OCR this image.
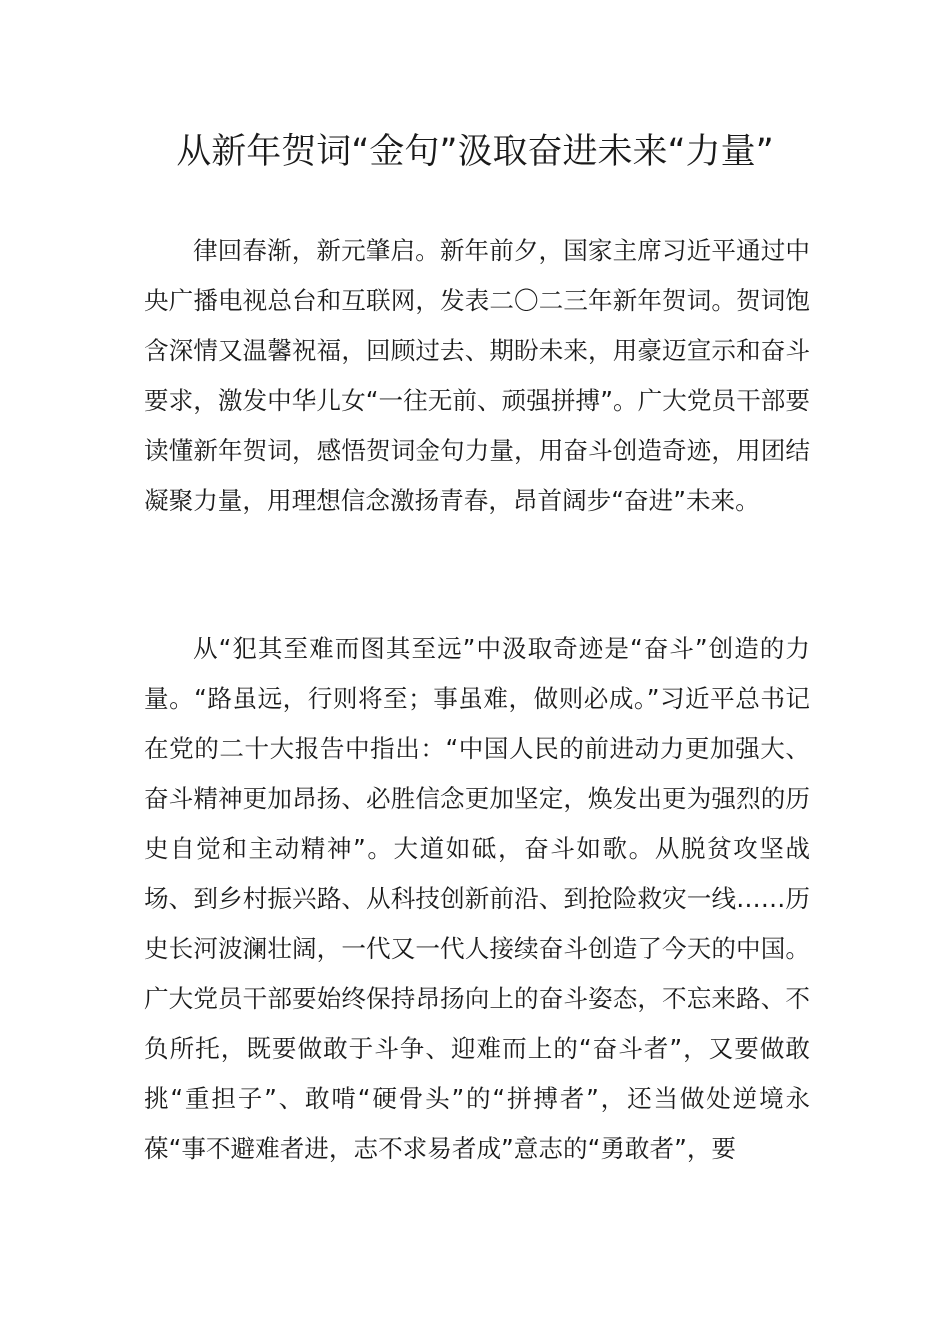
从新年贺词“金句”汲取奋进未来“力量”

律回春渐，新元肇启。新年前夕，国家主席习近平通过中央广播电视总台和互联网，发表二〇二三年新年贺词。贺词饱含深情又温馨祝福，回顾过去、期盼未来，用豪迈宣示和奋斗要求，激发中华儿女“一往无前、顽强拼搏”。广大党员干部要读懂新年贺词，感悟贺词金句力量，用奋斗创造奇迹，用团结凝聚力量，用理想信念激扬青春，昂首阔步“奋进”未来。

从“犯其至难而图其至远”中汲取奇迹是“奋斗”创造的力量。“路虽远，行则将至；事虽难，做则必成。”习近平总书记在党的二十大报告中指出：“中国人民的前进动力更加强大、奋斗精神更加昂扬、必胜信念更加坚定，焕发出更为强烈的历史自觉和主动精神”。大道如砥，奋斗如歌。从脱贫攻坚战场、到乡村振兴路、从科技创新前沿、到抢险救灾一线……历史长河波澜壮阔，一代又一代人接续奋斗创造了今天的中国。广大党员干部要始终保持昂扬向上的奋斗姿态，不忘来路、不负所托，既要做敢于斗争、迎难而上的“奋斗者”，又要做敢挑“重担子”、敢啃“硬骨头”的“拼搏者”，还当做处逆境永葆“事不避难者进，志不求易者成”意志的“勇敢者”，要
